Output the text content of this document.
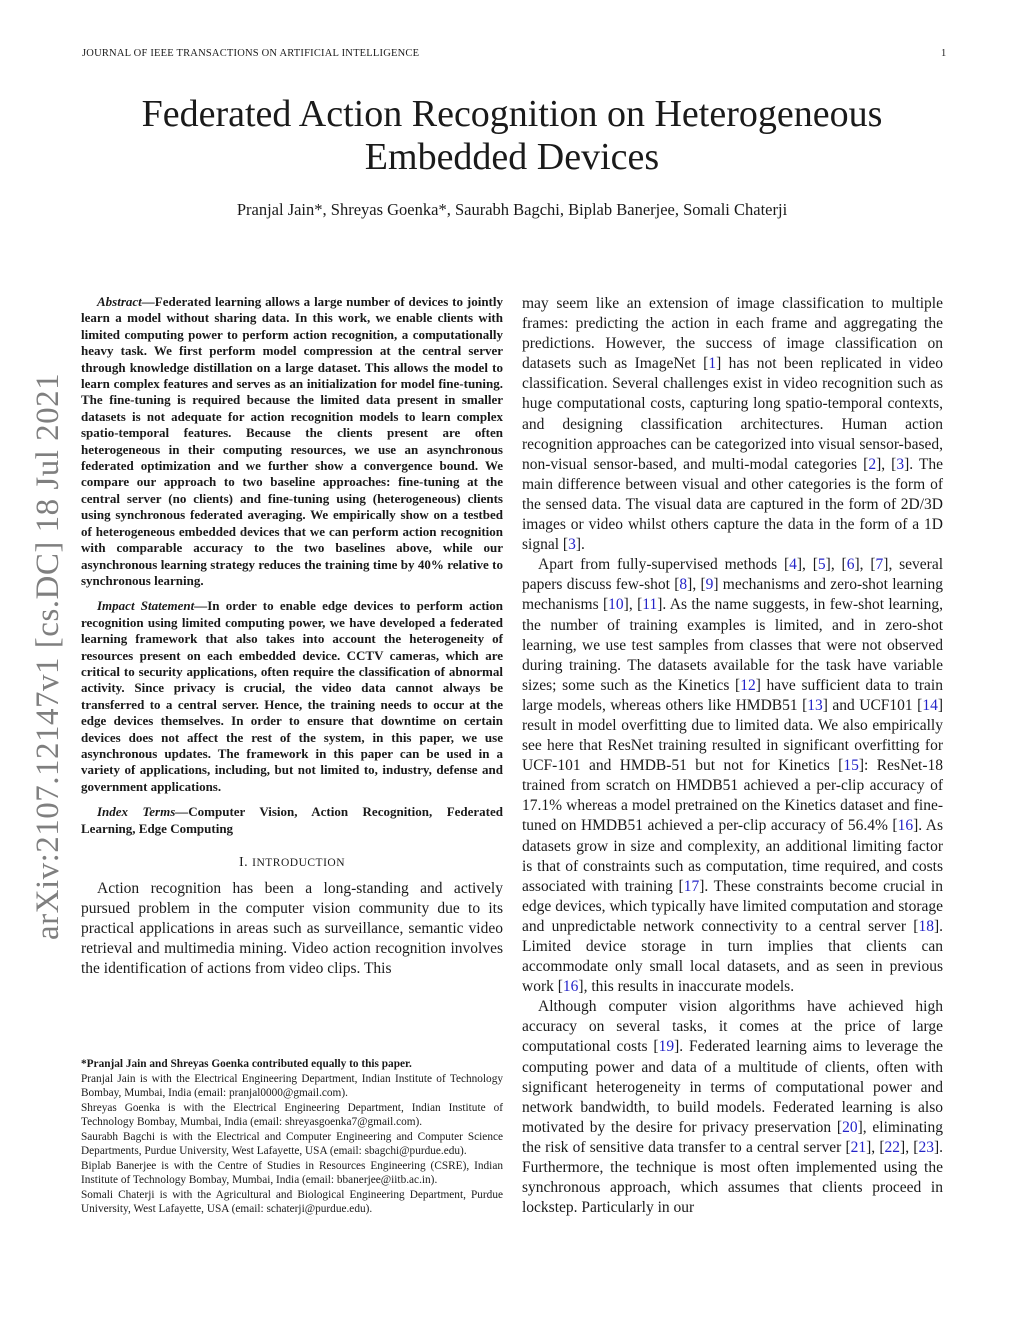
JOURNAL OF IEEE TRANSACTIONS ON ARTIFICIAL INTELLIGENCE	1
Federated Action Recognition on Heterogeneous
Embedded Devices
Pranjal Jain*, Shreyas Goenka*, Saurabh Bagchi, Biplab Banerjee, Somali Chaterji
arXiv:2107.12147v1 [cs.DC] 18 Jul 2021

Abstract—Federated learning allows a large number of devices to jointly learn a model without sharing data. In this work, we enable clients with limited computing power to perform action recognition, a computationally heavy task. We first perform model compression at the central server through knowledge distillation on a large dataset. This allows the model to learn complex features and serves as an initialization for model fine-tuning. The fine-tuning is required because the limited data present in smaller datasets is not adequate for action recognition models to learn complex spatio-temporal features. Because the clients present are often heterogeneous in their computing resources, we use an asynchronous federated optimization and we further show a convergence bound. We compare our approach to two baseline approaches: fine-tuning at the central server (no clients) and fine-tuning using (heterogeneous) clients using synchronous federated averaging. We empirically show on a testbed of heterogeneous embedded devices that we can perform action recognition with comparable accuracy to the two baselines above, while our asynchronous learning strategy reduces the training time by 40% relative to synchronous learning.

Impact Statement—In order to enable edge devices to perform action recognition using limited computing power, we have developed a federated learning framework that also takes into account the heterogeneity of resources present on each embedded device. CCTV cameras, which are critical to security applications, often require the classification of abnormal activity. Since privacy is crucial, the video data cannot always be transferred to a central server. Hence, the training needs to occur at the edge devices themselves. In order to ensure that downtime on certain devices does not affect the rest of the system, in this paper, we use asynchronous updates. The framework in this paper can be used in a variety of applications, including, but not limited to, industry, defense and government applications.

Index Terms—Computer Vision, Action Recognition, Federated Learning, Edge Computing

I. INTRODUCTION

Action recognition has been a long-standing and actively pursued problem in the computer vision community due to its practical applications in areas such as surveillance, semantic video retrieval and multimedia mining. Video action recognition involves the identification of actions from video clips. This

*Pranjal Jain and Shreyas Goenka contributed equally to this paper.

Pranjal Jain is with the Electrical Engineering Department, Indian Institute of Technology Bombay, Mumbai, India (email: pranjal0000@gmail.com).

Shreyas Goenka is with the Electrical Engineering Department, Indian Institute of Technology Bombay, Mumbai, India (email: shreyasgoenka7@gmail.com).

Saurabh Bagchi is with the Electrical and Computer Engineering and Computer Science Departments, Purdue University, West Lafayette, USA (email: sbagchi@purdue.edu).

Biplab Banerjee is with the Centre of Studies in Resources Engineering (CSRE), Indian Institute of Technology Bombay, Mumbai, India (email: bbanerjee@iitb.ac.in).

Somali Chaterji is with the Agricultural and Biological Engineering Department, Purdue University, West Lafayette, USA (email: schaterji@purdue.edu).

may seem like an extension of image classification to multiple frames: predicting the action in each frame and aggregating the predictions. However, the success of image classification on datasets such as ImageNet [1] has not been replicated in video classification. Several challenges exist in video recognition such as huge computational costs, capturing long spatio-temporal contexts, and designing classification architectures. Human action recognition approaches can be categorized into visual sensor-based, non-visual sensor-based, and multi-modal categories [2], [3]. The main difference between visual and other categories is the form of the sensed data. The visual data are captured in the form of 2D/3D images or video whilst others capture the data in the form of a 1D signal [3].

Apart from fully-supervised methods [4], [5], [6], [7], several papers discuss few-shot [8], [9] mechanisms and zero-shot learning mechanisms [10], [11]. As the name suggests, in few-shot learning, the number of training examples is limited, and in zero-shot learning, we use test samples from classes that were not observed during training. The datasets available for the task have variable sizes; some such as the Kinetics [12] have sufficient data to train large models, whereas others like HMDB51 [13] and UCF101 [14] result in model overfitting due to limited data. We also empirically see here that ResNet training resulted in significant overfitting for UCF-101 and HMDB-51 but not for Kinetics [15]: ResNet-18 trained from scratch on HMDB51 achieved a per-clip accuracy of 17.1% whereas a model pretrained on the Kinetics dataset and fine-tuned on HMDB51 achieved a per-clip accuracy of 56.4% [16]. As datasets grow in size and complexity, an additional limiting factor is that of constraints such as computation, time required, and costs associated with training [17]. These constraints become crucial in edge devices, which typically have limited computation and storage and unpredictable network connectivity to a central server [18]. Limited device storage in turn implies that clients can accommodate only small local datasets, and as seen in previous work [16], this results in inaccurate models.

Although computer vision algorithms have achieved high accuracy on several tasks, it comes at the price of large computational costs [19]. Federated learning aims to leverage the computing power and data of a multitude of clients, often with significant heterogeneity in terms of computational power and network bandwidth, to build models. Federated learning is also motivated by the desire for privacy preservation [20], eliminating the risk of sensitive data transfer to a central server [21], [22], [23]. Furthermore, the technique is most often implemented using the synchronous approach, which assumes that clients proceed in lockstep. Particularly in our
